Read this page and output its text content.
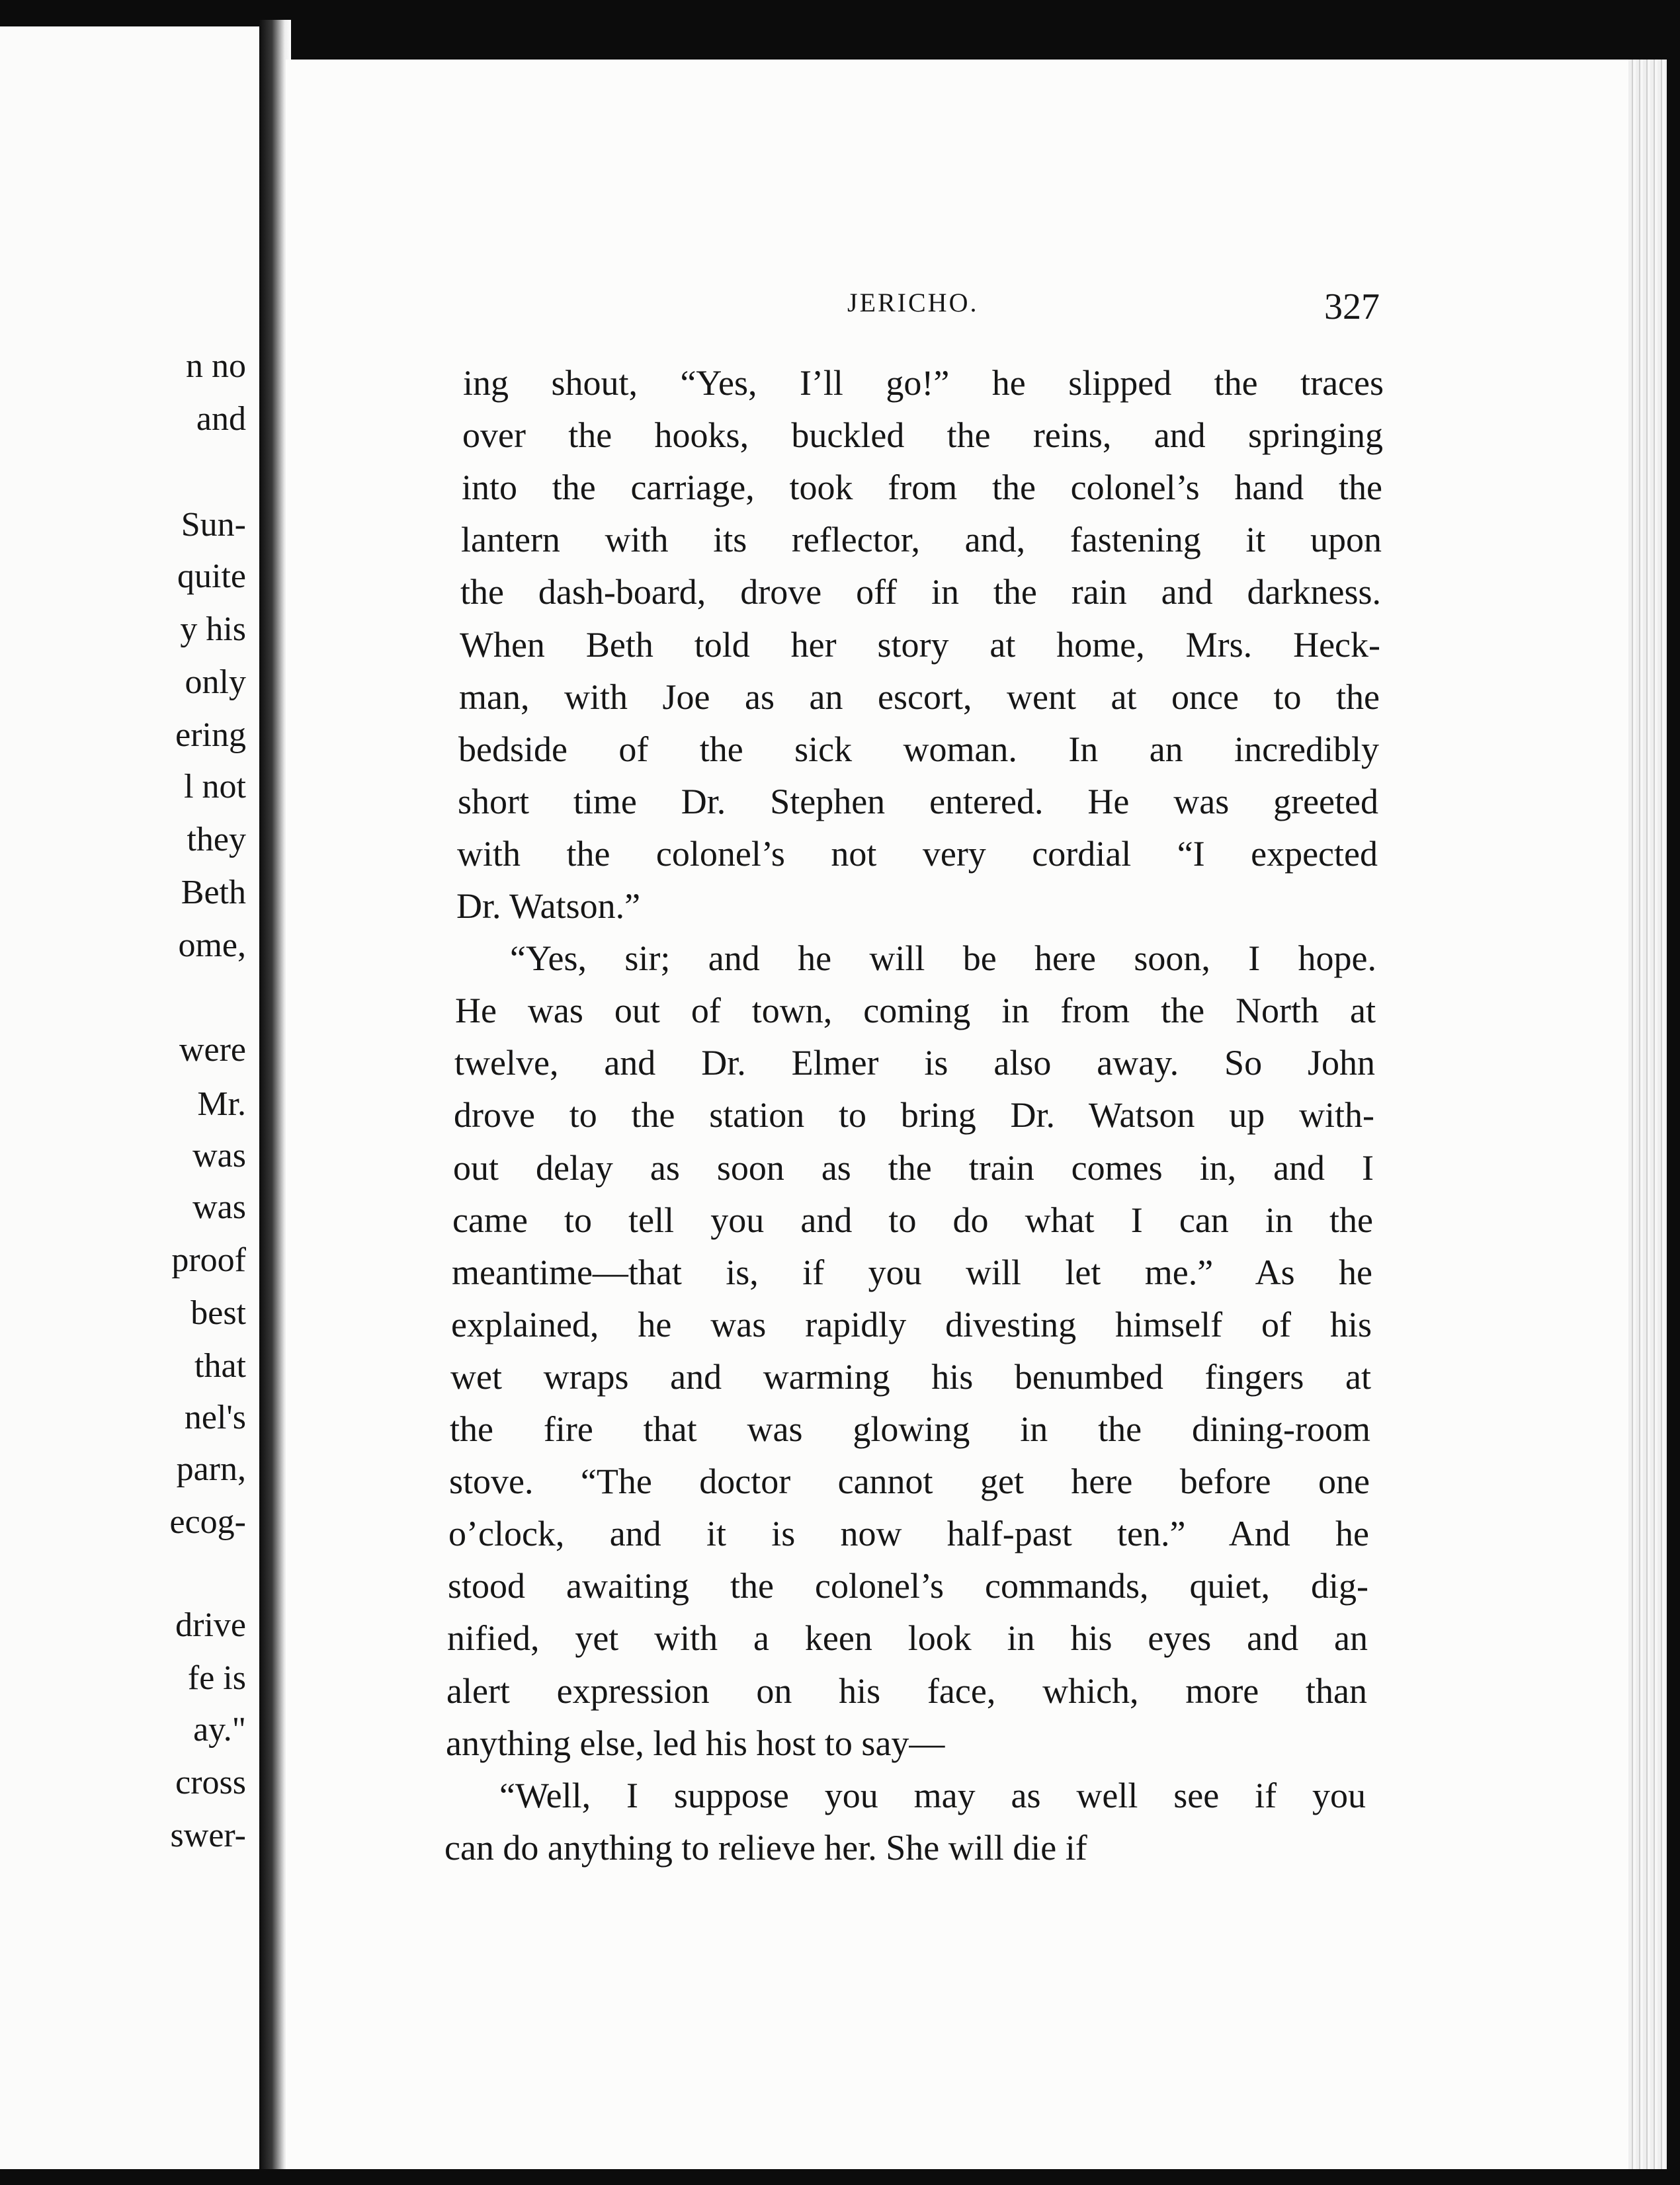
n no
and
Sun-
quite
y his
only
ering
l not
they
Beth
ome,
were
Mr.
was
was
proof
best
that
nel's
parn,
ecog-
drive
fe is
ay."
cross
swer-
JERICHO.	327
ing shout, “Yes, I’ll go!” he slipped the traces
over the hooks, buckled the reins, and springing
into the carriage, took from the colonel’s hand the
lantern with its reflector, and, fastening it upon
the dash-board, drove off in the rain and darkness.
When Beth told her story at home, Mrs. Heck-
man, with Joe as an escort, went at once to the
bedside of the sick woman. In an incredibly
short time Dr. Stephen entered. He was greeted
with the colonel’s not very cordial “I expected
Dr. Watson.”
“Yes, sir; and he will be here soon, I hope.
He was out of town, coming in from the North at
twelve, and Dr. Elmer is also away. So John
drove to the station to bring Dr. Watson up with-
out delay as soon as the train comes in, and I
came to tell you and to do what I can in the
meantime—that is, if you will let me.” As he
explained, he was rapidly divesting himself of his
wet wraps and warming his benumbed fingers at
the fire that was glowing in the dining-room
stove. “The doctor cannot get here before one
o’clock, and it is now half-past ten.” And he
stood awaiting the colonel’s commands, quiet, dig-
nified, yet with a keen look in his eyes and an
alert expression on his face, which, more than
anything else, led his host to say—
“Well, I suppose you may as well see if you
can do anything to relieve her. She will die if
